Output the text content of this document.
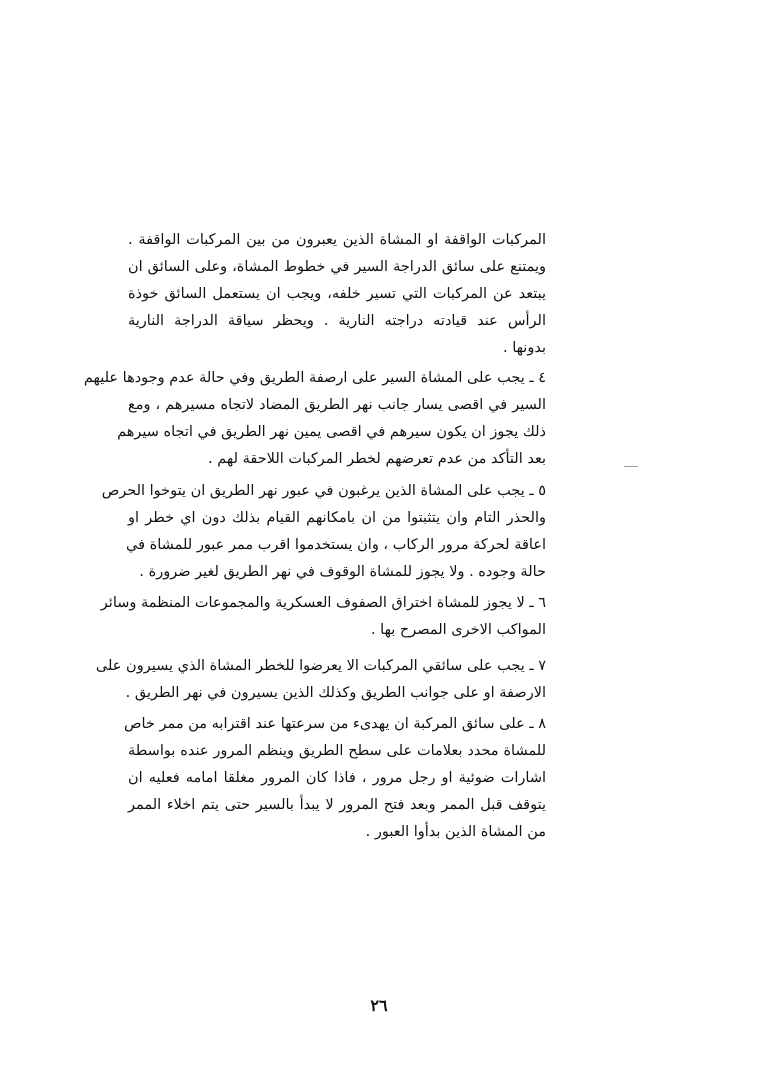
المركبات الواقفة او المشاة الذين يعبرون من بين المركبات الواقفة .
ويمتنع على سائق الدراجة السير في خطوط المشاة، وعلى السائق ان
يبتعد عن المركبات التي تسير خلفه، ويجب ان يستعمل السائق خوذة
الرأس عند قيادته دراجته النارية . ويحظر سياقة الدراجة النارية
بدونها .
٤ ـ يجب على المشاة السير على ارصفة الطريق وفي حالة عدم وجودها عليهم
السير في اقصى يسار جانب نهر الطريق المضاد لاتجاه مسيرهم ، ومع
ذلك يجوز ان يكون سيرهم في اقصى يمين نهر الطريق في اتجاه سيرهم
بعد التأكد من عدم تعرضهم لخطر المركبات اللاحقة لهم .
٥ ـ يجب على المشاة الذين يرغبون في عبور نهر الطريق ان يتوخوا الحرص
والحذر التام وان يتثبتوا من ان بامكانهم القيام بذلك دون اي خطر او
اعاقة لحركة مرور الركاب ، وان يستخدموا اقرب ممر عبور للمشاة في
حالة وجوده . ولا يجوز للمشاة الوقوف في نهر الطريق لغير ضرورة .
٦ ـ لا يجوز للمشاة اختراق الصفوف العسكرية والمجموعات المنظمة وسائر
المواكب الاخرى المصرح بها .
٧ ـ يجب على سائقي المركبات الا يعرضوا للخطر المشاة الذي يسيرون على
الارصفة او على جوانب الطريق وكذلك الذين يسيرون في نهر الطريق .
٨ ـ على سائق المركبة ان يهدىء من سرعتها عند اقترابه من ممر خاص
للمشاة محدد بعلامات على سطح الطريق وينظم المرور عنده بواسطة
اشارات ضوئية او رجل مرور ، فاذا كان المرور مغلقا امامه فعليه ان
يتوقف قبل الممر وبعد فتح المرور لا يبدأ بالسير حتى يتم اخلاء الممر
من المشاة الذين بدأوا العبور .
٢٦
